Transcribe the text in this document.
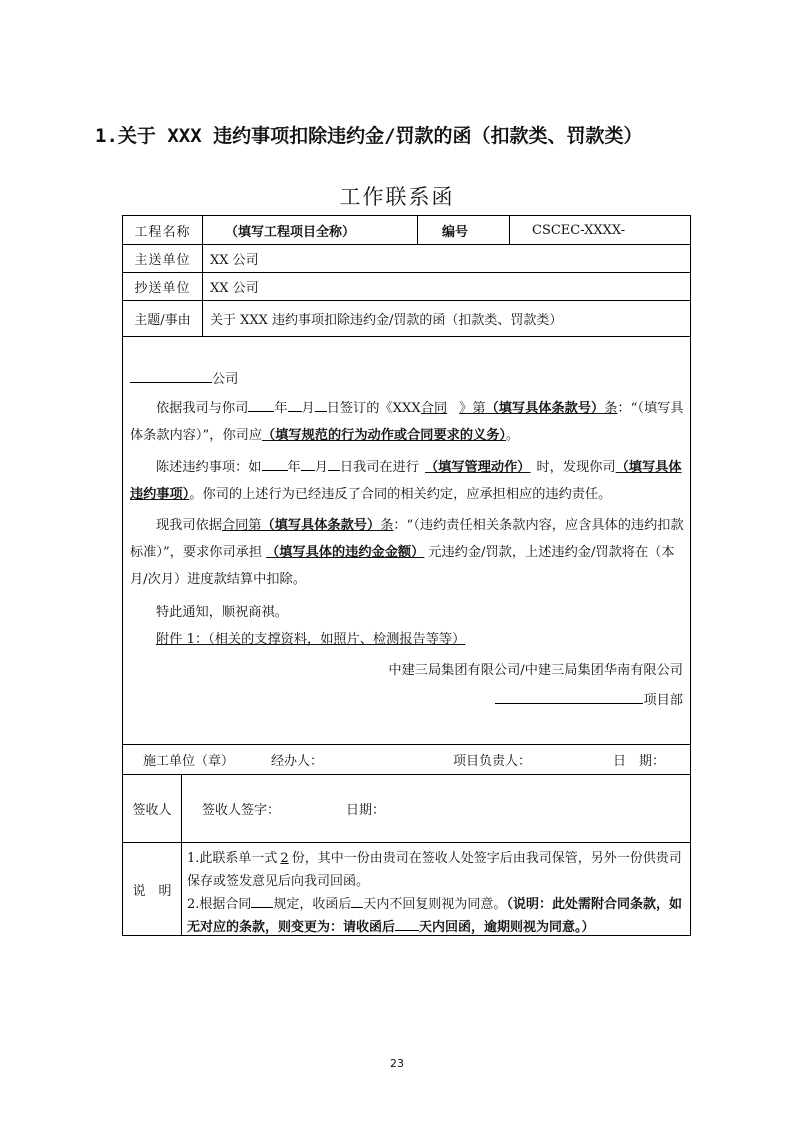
1.关于 XXX 违约事项扣除违约金/罚款的函（扣款类、罚款类）
工作联系函
工程名称	（填写工程项目全称）	编号	CSCEC-XXXX-
主送单位	XX 公司
抄送单位	XX 公司
主题/事由	关于 XXX 违约事项扣除违约金/罚款的函（扣款类、罚款类）
施工单位（章）	经办人：	项目负责人：	日　期：
签收人	签收人签字：	日期：
说　明
1.此联系单一式 2 份，其中一份由贵司在签收人处签字后由我司保管，另外一份供贵司保存或签发意见后向我司回函。
2.根据合同 规定，收函后 天内不回复则视为同意。（说明：此处需附合同条款，如无对应的条款，则变更为：请收函后 天内回函，逾期则视为同意。）
公司
依据我司与你司 年 月 日签订的《XXX合同 》第（填写具体条款号）条：“（填写具体条款内容）”，你司应（填写规范的行为动作或合同要求的义务）。
陈述违约事项：如 年 月 日我司在进行 （填写管理动作） 时，发现你司（填写具体违约事项）。你司的上述行为已经违反了合同的相关约定，应承担相应的违约责任。
现我司依据合同第（填写具体条款号）条：“（违约责任相关条款内容，应含具体的违约扣款标准）”，要求你司承担 （填写具体的违约金金额） 元违约金/罚款，上述违约金/罚款将在（本月/次月）进度款结算中扣除。
特此通知，顺祝商祺。
附件 1：（相关的支撑资料，如照片、检测报告等等）
中建三局集团有限公司/中建三局集团华南有限公司
项目部
23
